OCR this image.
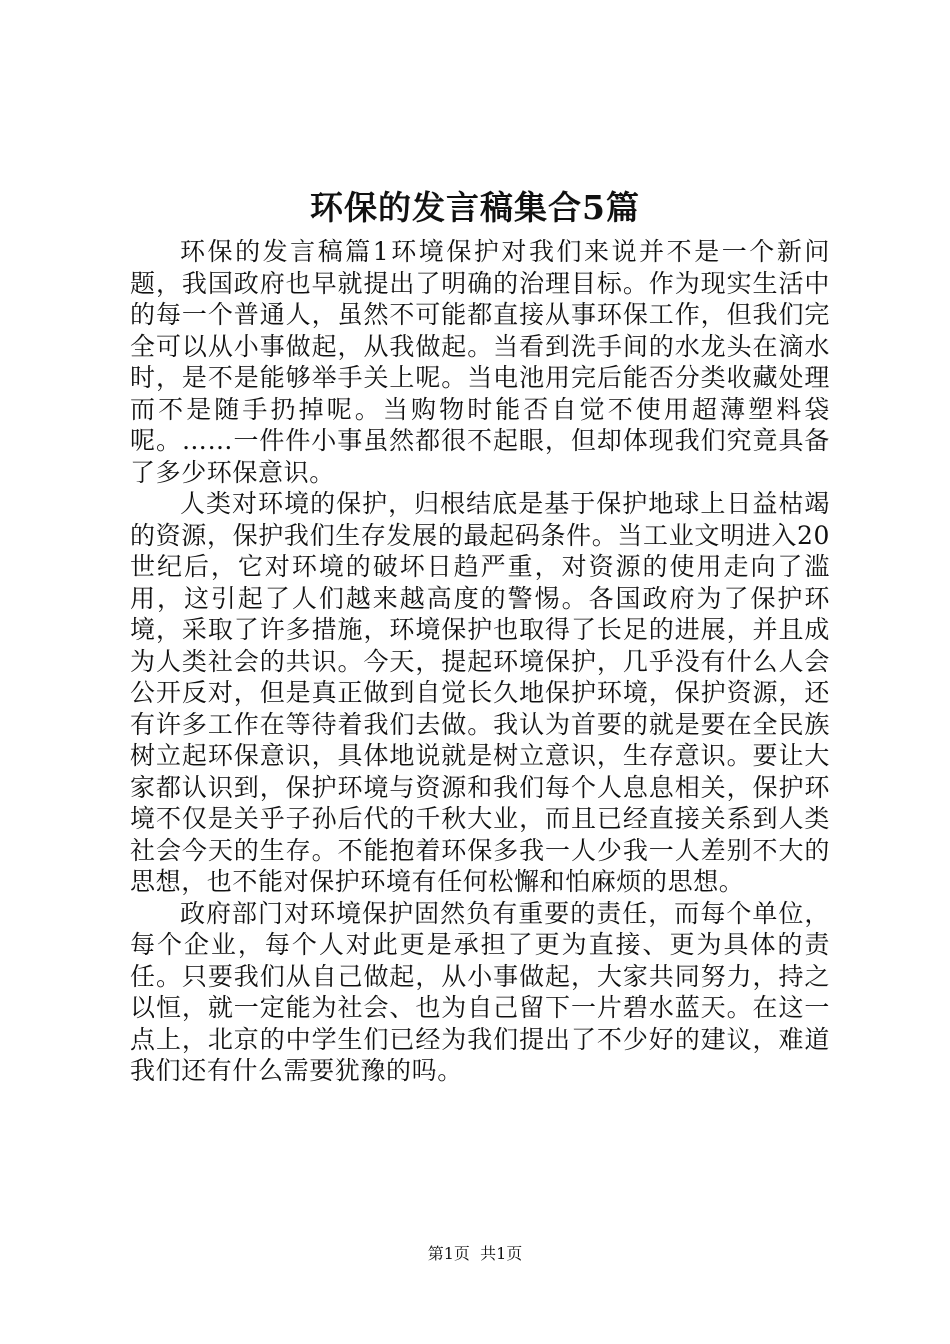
环保的发言稿集合5篇

环保的发言稿篇1环境保护对我们来说并不是一个新问题，我国政府也早就提出了明确的治理目标。作为现实生活中的每一个普通人，虽然不可能都直接从事环保工作，但我们完全可以从小事做起，从我做起。当看到洗手间的水龙头在滴水时，是不是能够举手关上呢。当电池用完后能否分类收藏处理而不是随手扔掉呢。当购物时能否自觉不使用超薄塑料袋呢。……一件件小事虽然都很不起眼，但却体现我们究竟具备了多少环保意识。

人类对环境的保护，归根结底是基于保护地球上日益枯竭的资源，保护我们生存发展的最起码条件。当工业文明进入20世纪后，它对环境的破坏日趋严重，对资源的使用走向了滥用，这引起了人们越来越高度的警惕。各国政府为了保护环境，采取了许多措施，环境保护也取得了长足的进展，并且成为人类社会的共识。今天，提起环境保护，几乎没有什么人会公开反对，但是真正做到自觉长久地保护环境，保护资源，还有许多工作在等待着我们去做。我认为首要的就是要在全民族树立起环保意识，具体地说就是树立意识，生存意识。要让大家都认识到，保护环境与资源和我们每个人息息相关，保护环境不仅是关乎子孙后代的千秋大业，而且已经直接关系到人类社会今天的生存。不能抱着环保多我一人少我一人差别不大的思想，也不能对保护环境有任何松懈和怕麻烦的思想。

政府部门对环境保护固然负有重要的责任，而每个单位，每个企业，每个人对此更是承担了更为直接、更为具体的责任。只要我们从自己做起，从小事做起，大家共同努力，持之以恒，就一定能为社会、也为自己留下一片碧水蓝天。在这一点上，北京的中学生们已经为我们提出了不少好的建议，难道我们还有什么需要犹豫的吗。

第1页  共1页
